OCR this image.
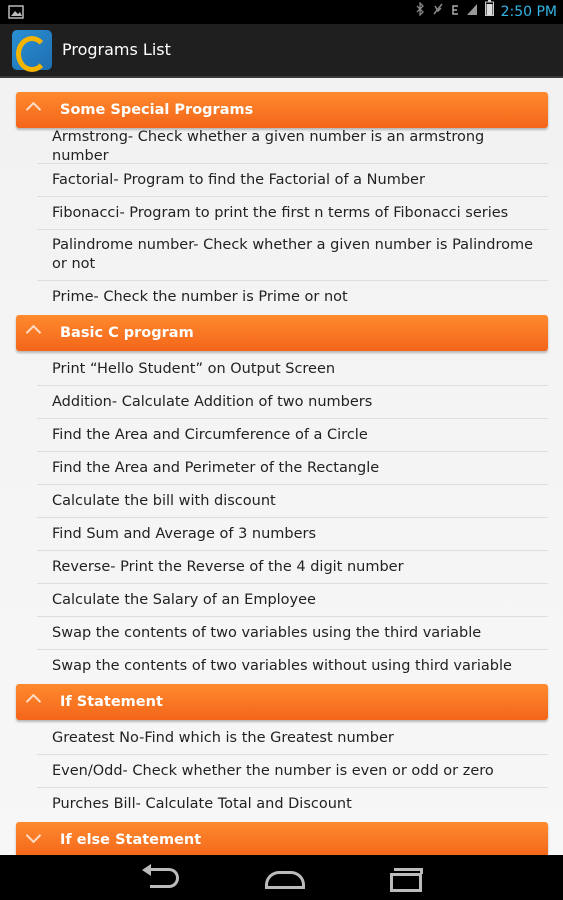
2:50 PM
Programs List
Some Special Programs
Armstrong- Check whether a given number is an armstrong number
Factorial- Program to find the Factorial of a Number
Fibonacci- Program to print the first n terms of Fibonacci series
Palindrome number- Check whether a given number is Palindrome or not
Prime- Check the number is Prime or not
Basic C program
Print “Hello Student” on Output Screen
Addition- Calculate Addition of two numbers
Find the Area and Circumference of a Circle
Find the Area and Perimeter of the Rectangle
Calculate the bill with discount
Find Sum and Average of 3 numbers
Reverse- Print the Reverse of the 4 digit number
Calculate the Salary of an Employee
Swap the contents of two variables using the third variable
Swap the contents of two variables without using third variable
If Statement
Greatest No-Find which is the Greatest number
Even/Odd- Check whether the number is even or odd or zero
Purches Bill- Calculate Total and Discount
If else Statement
